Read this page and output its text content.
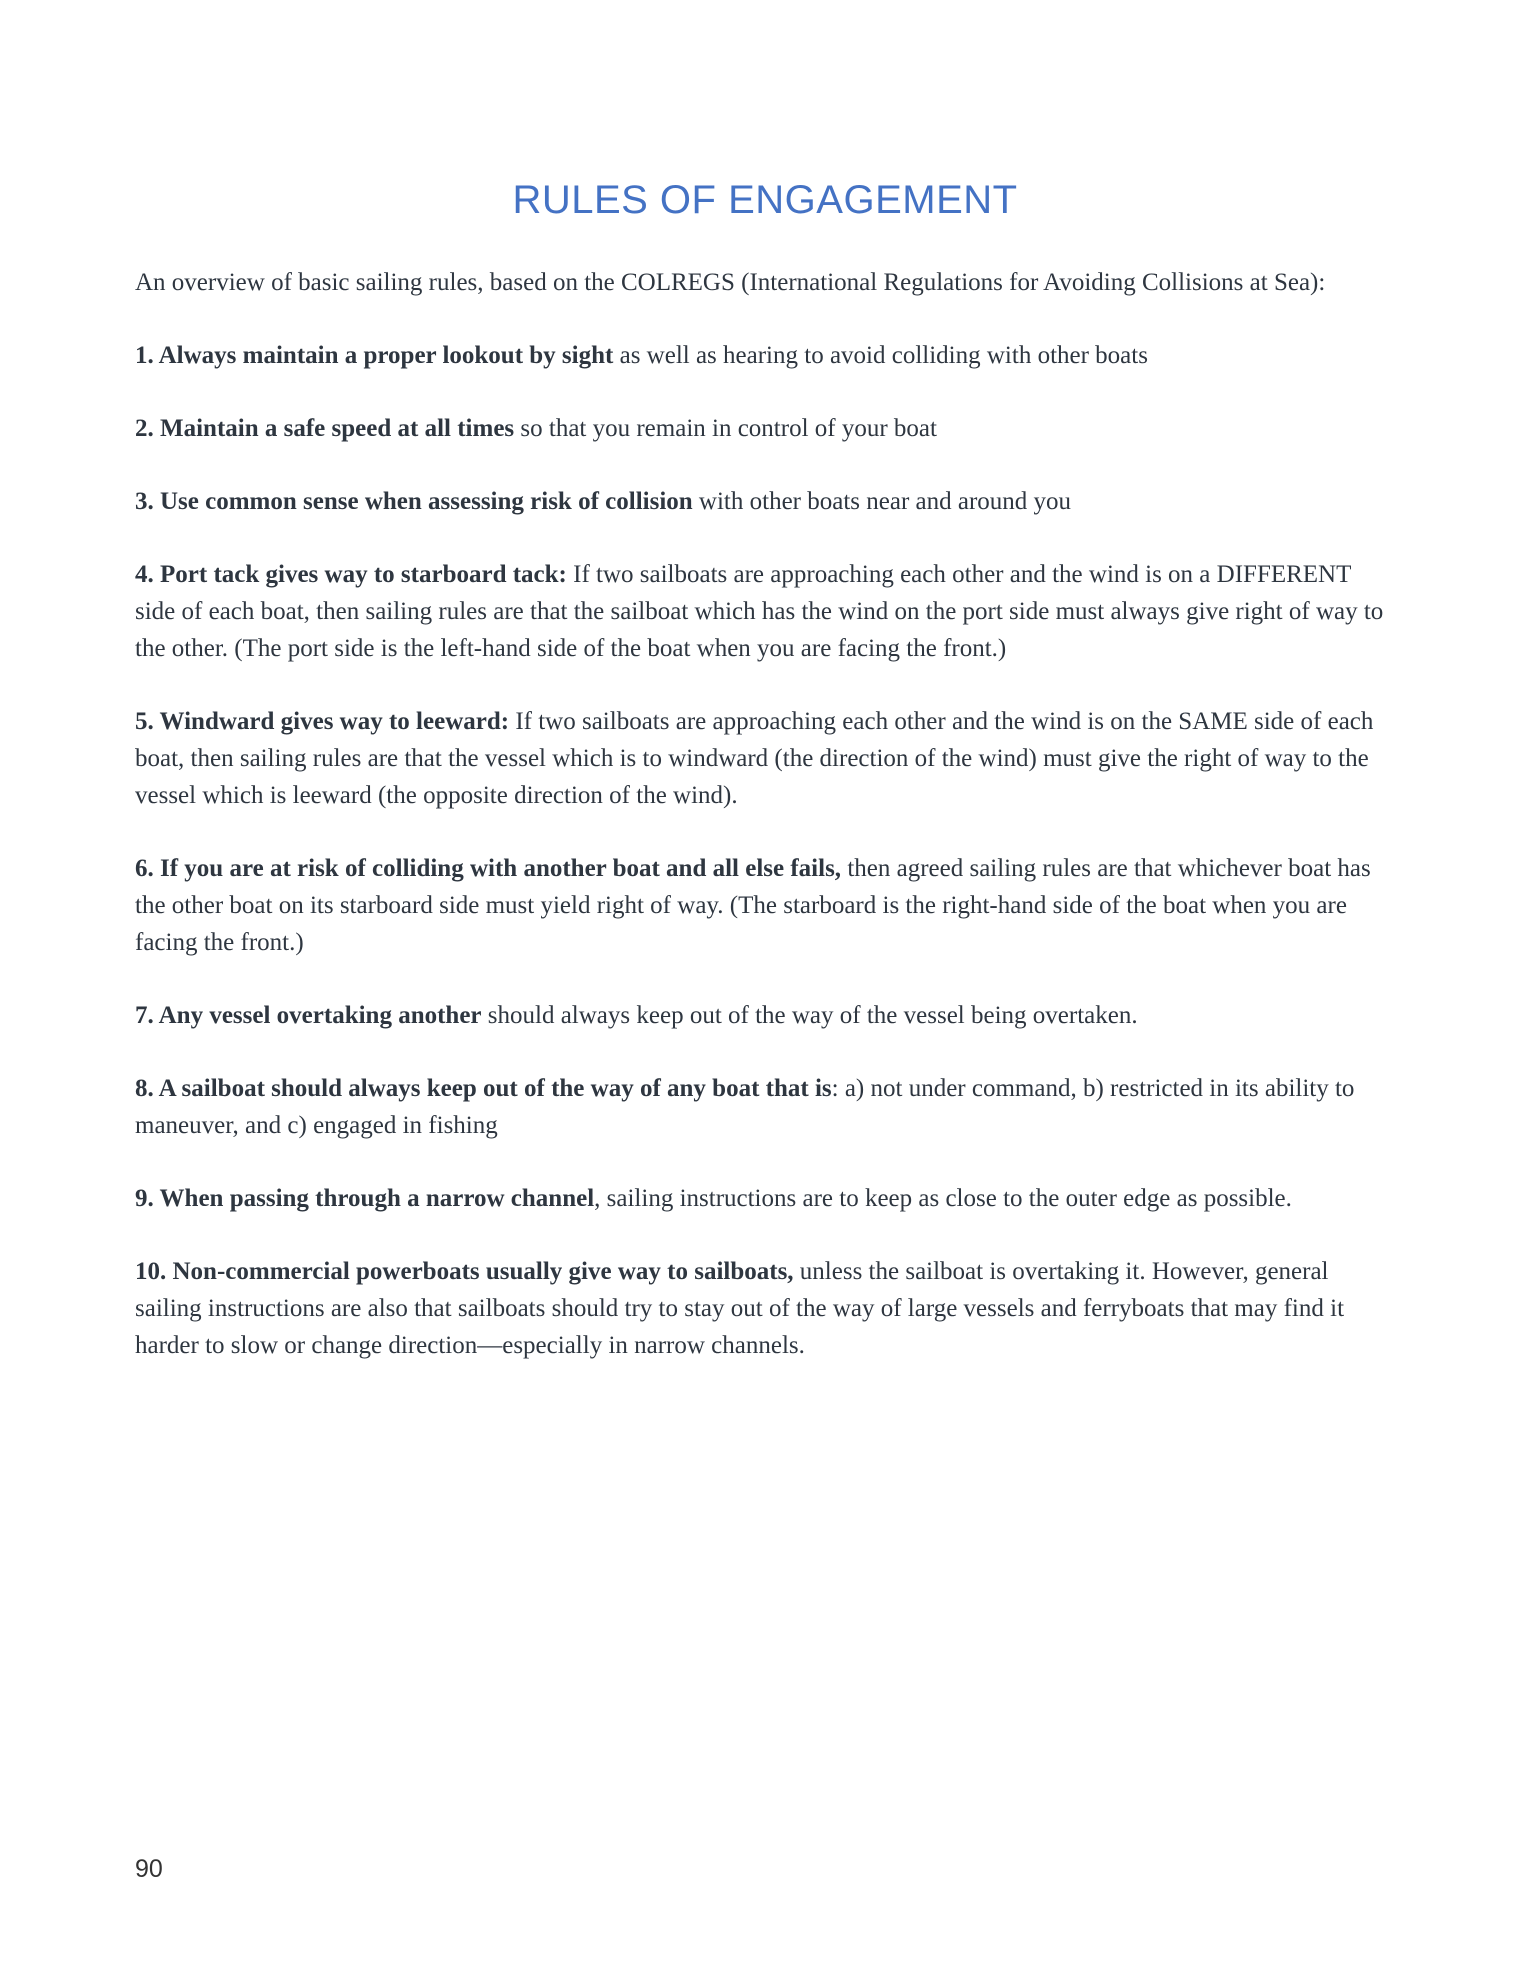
RULES OF ENGAGEMENT

An overview of basic sailing rules, based on the COLREGS (International Regulations for Avoiding Collisions at Sea):

1. Always maintain a proper lookout by sight as well as hearing to avoid colliding with other boats

2. Maintain a safe speed at all times so that you remain in control of your boat

3. Use common sense when assessing risk of collision with other boats near and around you

4. Port tack gives way to starboard tack: If two sailboats are approaching each other and the wind is on a DIFFERENT side of each boat, then sailing rules are that the sailboat which has the wind on the port side must always give right of way to the other. (The port side is the left-hand side of the boat when you are facing the front.)

5. Windward gives way to leeward: If two sailboats are approaching each other and the wind is on the SAME side of each boat, then sailing rules are that the vessel which is to windward (the direction of the wind) must give the right of way to the vessel which is leeward (the opposite direction of the wind).

6. If you are at risk of colliding with another boat and all else fails, then agreed sailing rules are that whichever boat has the other boat on its starboard side must yield right of way. (The starboard is the right-hand side of the boat when you are facing the front.)

7. Any vessel overtaking another should always keep out of the way of the vessel being overtaken.

8. A sailboat should always keep out of the way of any boat that is: a) not under command, b) restricted in its ability to maneuver, and c) engaged in fishing

9. When passing through a narrow channel, sailing instructions are to keep as close to the outer edge as possible.

10. Non-commercial powerboats usually give way to sailboats, unless the sailboat is overtaking it. However, general sailing instructions are also that sailboats should try to stay out of the way of large vessels and ferryboats that may find it harder to slow or change direction—especially in narrow channels.

90
